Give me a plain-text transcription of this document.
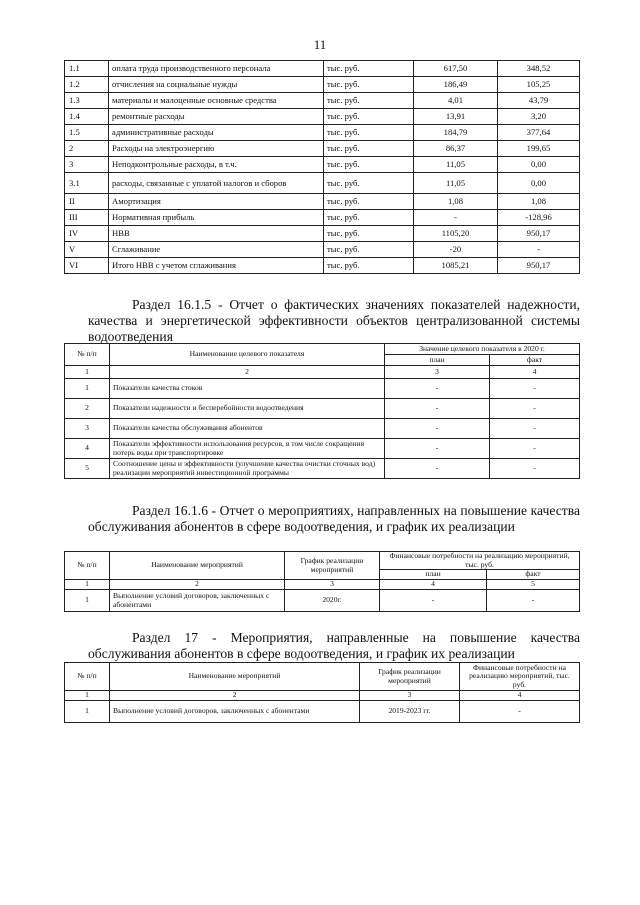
11
1.1	оплата труда производственного персонала	тыс. руб.	617,50	348,52
1.2	отчисления на социальные нужды	тыс. руб.	186,49	105,25
1.3	материалы и малоценные основные средства	тыс. руб.	4,01	43,79
1.4	ремонтные расходы	тыс. руб.	13,91	3,20
1.5	административные расходы	тыс. руб.	184,79	377,64
2	Расходы на электроэнергию	тыс. руб.	86,37	199,65
3	Неподконтрольные расходы, в т.ч.	тыс. руб.	11,05	0,00
3.1	расходы, связанные с уплатой налогов и сборов	тыс. руб.	11,05	0,00
II	Амортизация	тыс. руб.	1,08	1,08
III	Нормативная прибыль	тыс. руб.	-	-128,96
IV	НВВ	тыс. руб.	1105,20	950,17
V	Сглаживание	тыс. руб.	-20	-
VI	Итого НВВ с учетом сглаживания	тыс. руб.	1085,21	950,17
Раздел 16.1.5 - Отчет о фактических значениях показателей надежности, качества и энергетической эффективности объектов централизованной системы водоотведения
№ п/п	Наименование целевого показателя	Значение целевого показателя в 2020 г.	
		план	факт
1	2	3	4
1	Показатели качества стоков	-	-
2	Показатели надежности и бесперебойности водоотведения	-	-
3	Показатели качества обслуживания абонентов	-	-
4	Показатели эффективности использования ресурсов, в том числе сокращения потерь воды при транспортировке	-	-
5	Соотношение цены и эффективности (улучшение качества очистки сточных вод) реализации мероприятий инвестиционной программы	-	-
Раздел 16.1.6 - Отчет о мероприятиях, направленных на повышение качества обслуживания абонентов в сфере водоотведения, и график их реализации
№ п/п	Наименование мероприятий	График реализации мероприятий	Финансовые потребности на реализацию мероприятий, тыс. руб.	
			план	факт
1	2	3	4	5
1	Выполнение условий договоров, заключенных с абонентами	2020г.	-	-
Раздел 17 - Мероприятия, направленные на повышение качества обслуживания абонентов в сфере водоотведения, и график их реализации
№ п/п	Наименование мероприятий	График реализации мероприятий	Финансовые потребности на реализацию мероприятий, тыс. руб.
1	2	3	4
1	Выполнение условий договоров, заключенных с абонентами	2019-2023 гг.	-
